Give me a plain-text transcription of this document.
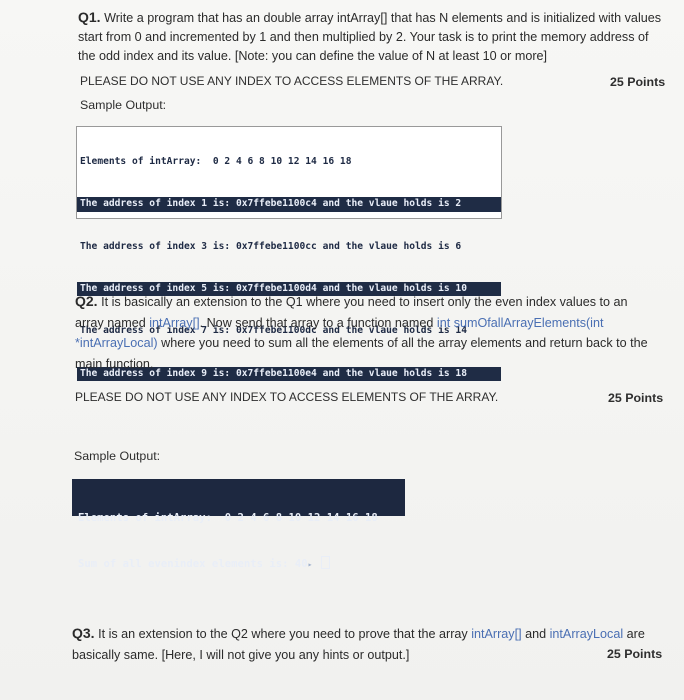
Q1. Write a program that has an double array intArray[] that has N elements and is initialized with values start from 0 and incremented by 1 and then multiplied by 2. Your task is to print the memory address of the odd index and its value. [Note: you can define the value of N at least 10 or more]
PLEASE DO NOT USE ANY INDEX TO ACCESS ELEMENTS OF THE ARRAY.	25 Points
Sample Output:

Elements of intArray:  0 2 4 6 8 10 12 14 16 18

The address of index 1 is: 0x7ffebe1100c4 and the vlaue holds is 2

The address of index 3 is: 0x7ffebe1100cc and the vlaue holds is 6

The address of index 5 is: 0x7ffebe1100d4 and the vlaue holds is 10

The address of index 7 is: 0x7ffebe1100dc and the vlaue holds is 14

The address of index 9 is: 0x7ffebe1100e4 and the vlaue holds is 18

Q2. It is basically an extension to the Q1 where you need to insert only the even index values to an array named intArray[]. Now send that array to a function named int sumOfallArrayElements(int *intArrayLocal) where you need to sum all the elements of all the array elements and return back to the main function.
PLEASE DO NOT USE ANY INDEX TO ACCESS ELEMENTS OF THE ARRAY.	25 Points
Sample Output:

Elements of intArray:  0 2 4 6 8 10 12 14 16 18

Sum of all evenindex elements is: 40▸

Q3. It is an extension to the Q2 where you need to prove that the array intArray[] and intArrayLocal are basically same. [Here, I will not give you any hints or output.]	25 Points
